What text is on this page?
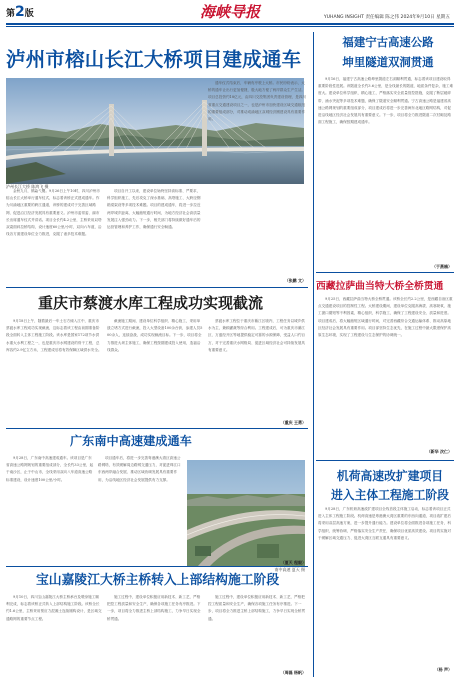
第2版	海峡导报	YUHANG INSIGHT 责任编辑 陈之伟 2024年9月10日 星期五
泸州市榕山长江大桥项目建成通车
泸州长江大桥 陈鸿飞 摄
金秋九月，鹤淼弋鹰。9月26日上午10时，四川泸州市榕山长江大桥举行通车仪式，标志着该桥正式建成通车。作为川渝地区重要的跨江通道，该桥的建成对于完善区域路网、促进沿江经济发展具有重要意义。泸州市委常委、副市长出席通车仪式并讲话。项目全长约4.2公里，主桥采用双塔双索面斜拉桥结构，设计速度60公里/小时，双向六车道，沿线各方面建设单位全力推进，克服了诸多技术难题。
项目自开工以来，建设单位始终坚持高标准、严要求，科学组织施工，先后攻克了深水基础、高塔施工、大跨径钢箱梁架设等多项技术难题。项目的建成通车，将进一步拉近两岸城乡距离，大幅缩短通行时间，为地方经济社会高质量发展注入强劲动力。下一步，相关部门将持续做好通车后的运营管理和养护工作，确保通行安全畅通。
通车仪式结束后，车辆有序驶上大桥。市民纷纷表示，大桥的通车让出行更加便捷，极大地方便了两岸群众生产生活。项目总投资约18亿元，由四川交投集团负责建设管理，是四川省重点交通建设项目之一，也是泸州市加快建设区域交通枢纽的重要组成部分，对推动成渝地区双城经济圈建设具有重要作用。
（张鹏 文）
重庆市蔡渡水库工程成功实现截流
9月18日上午，随着最后一车土石方倾入江中，重庆市蔡渡水库工程成功实现截流，这标志着该工程由前期准备阶段全面转入主体工程施工阶段。该水库是国家172项节水供水重大水利工程之一，也是重庆市水网建设的骨干工程，总库容约2.9亿立方米，工程建成后将有效保障区域供水安全。
截流施工期间，建设单位科学组织、精心施工，采用单戗立堵方式进行截流，投入大型设备100余台套，参建人员500余人，连续奋战，成功实现截流目标。下一步，项目将全力推进大坝主体施工，确保工程按期建成投入使用，造福沿线群众。
蔡渡水库工程位于重庆市綦江区境内，工程任务以城乡供水为主，兼顾灌溉等综合利用。工程建成后，可为重庆市綦江区、万盛经开区等地提供稳定可靠的水源保障，受益人口约百万，对于完善重庆水网格局、促进区域经济社会可持续发展具有重要意义。
（重庆 王勇）
广东南中高速建成通车
9月28日，广东南中高速建成通车。该项目是广东省高速公路网规划的重要组成部分，全长约33公里，起于南沙区，止于中山市，全线采用双向八车道高速公路标准建设，设计速度100公里/小时。
项目通车后，将进一步完善粤港澳大湾区高速公路网络，有效缓解周边路网交通压力，对促进珠江口东西两岸融合发展、推动区域协调发展具有重要作用，为沿线地区经济社会发展提供有力支撑。
南中高速 夏天 摄
（夏天 程毅）
宝山嘉陵江大桥主桥转入上部结构施工阶段
9月10日，四川宝山嘉陵江大桥主桥承台及墩身施工顺利完成，标志着该桥正式转入上部结构施工阶段。该桥全长约1.6公里，主桥采用预应力混凝土连续刚构设计，是区域交通路网的重要节点工程。
施工过程中，建设单位积极应用新技术、新工艺，严格把控工程质量和安全生产，确保各项施工任务有序推进。下一步，项目将全力推进主桥上部结构施工，力争早日实现全桥贯通。
施工过程中，建设单位积极应用新技术、新工艺，严格把控工程质量和安全生产，确保各项施工任务有序推进。下一步，项目将全力推进主桥上部结构施工，力争早日实现全桥贯通。
（周磊 杨帆）
福建宁古高速公路
坤里隧道双洞贯通
9月16日，福建宁古高速公路坤里隧道左右洞顺利贯通，标志着该项目建设取得重要阶段性进展。该隧道全长约3.6公里，是全线最长的隧道，地质条件复杂，施工难度大。建设单位科学组织、精心施工，严格落实安全质量管控措施，克服了断层破碎带、涌水突泥等多项技术难题，确保了隧道安全顺利贯通。宁古高速公路是福建省高速公路网规划的重要组成部分，项目建成后将进一步完善闽东北地区路网结构，对促进沿线地区经济社会发展具有重要意义。下一步，项目将全力推进隧道二次衬砌及路面工程施工，确保按期建成通车。
（于燕楠）
西藏拉萨曲当特大桥全桥贯通
9月25日，西藏拉萨曲当特大桥全桥贯通。该桥全长约2.2公里，是西藏自治区重点交通建设项目的控制性工程。大桥建设期间，建设单位克服高海拔、高寒缺氧、施工窗口期短等不利因素，精心组织，科学施工，确保了工程建设安全、质量和进度。项目建成后，将大幅缩短区域通行时间，对完善西藏综合交通运输体系、推动高原地区经济社会发展具有重要作用。项目部坚持生态优先，在施工过程中最大限度保护高原生态环境，实现了工程建设与生态保护的协调统一。
（新华 次仁）
机荷高速改扩建项目
进入主体工程施工阶段
9月28日，广东机荷高速改扩建项目全线首段主体施工启动，标志着该项目正式进入主体工程施工阶段。机荷高速是粤港澳大湾区重要的东西向通道，项目改扩建后将采用双层高速方案，进一步提升通行能力。建设单位将全面推进各项施工任务，科学组织，统筹协调，严格落实安全生产责任，确保项目优质高效建设。项目的实施对于缓解区域交通压力、促进大湾区互联互通具有重要意义。
（杨 声）
